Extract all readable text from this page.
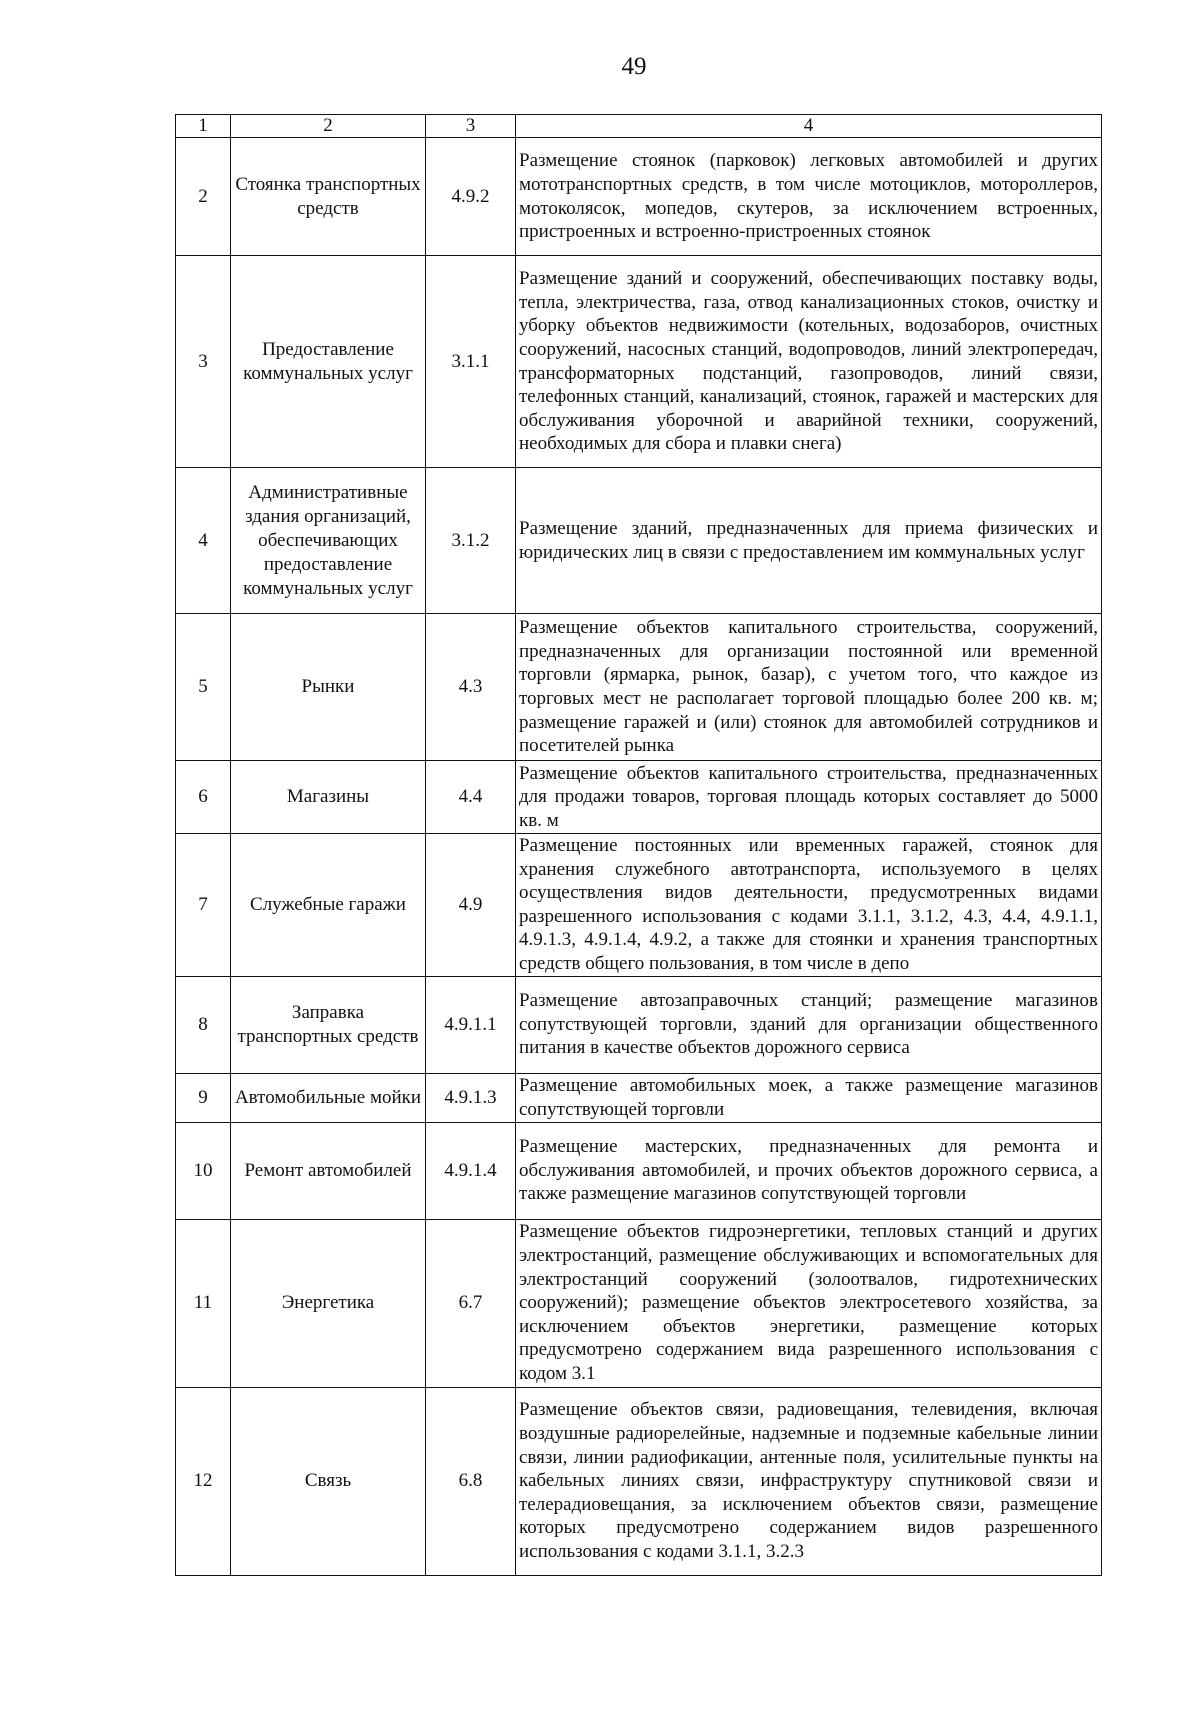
49
1	2	3	4
2	Стоянка транспортных средств	4.9.2	Размещение стоянок (парковок) легковых автомобилей и других мототранспортных средств, в том числе мотоциклов, мотороллеров, мотоколясок, мопедов, скутеров, за исключением встроенных, пристроенных и встроенно-пристроенных стоянок
3	Предоставление коммунальных услуг	3.1.1	Размещение зданий и сооружений, обеспечивающих поставку воды, тепла, электричества, газа, отвод канализационных стоков, очистку и уборку объектов недвижимости (котельных, водозаборов, очистных сооружений, насосных станций, водопроводов, линий электропередач, трансформаторных подстанций, газопроводов, линий связи, телефонных станций, канализаций, стоянок, гаражей и мастерских для обслуживания уборочной и аварийной техники, сооружений, необходимых для сбора и плавки снега)
4	Административные здания организаций, обеспечивающих предоставление коммунальных услуг	3.1.2	Размещение зданий, предназначенных для приема физических и юридических лиц в связи с предоставлением им коммунальных услуг
5	Рынки	4.3	Размещение объектов капитального строительства, сооружений, предназначенных для организации постоянной или временной торговли (ярмарка, рынок, базар), с учетом того, что каждое из торговых мест не располагает торговой площадью более 200 кв. м; размещение гаражей и (или) стоянок для автомобилей сотрудников и посетителей рынка
6	Магазины	4.4	Размещение объектов капитального строительства, предназначенных для продажи товаров, торговая площадь которых составляет до 5000 кв. м
7	Служебные гаражи	4.9	Размещение постоянных или временных гаражей, стоянок для хранения служебного автотранспорта, используемого в целях осуществления видов деятельности, предусмотренных видами разрешенного использования с кодами 3.1.1, 3.1.2, 4.3, 4.4, 4.9.1.1, 4.9.1.3, 4.9.1.4, 4.9.2, а также для стоянки и хранения транспортных средств общего пользования, в том числе в депо
8	Заправка транспортных средств	4.9.1.1	Размещение автозаправочных станций; размещение магазинов сопутствующей торговли, зданий для организации общественного питания в качестве объектов дорожного сервиса
9	Автомобильные мойки	4.9.1.3	Размещение автомобильных моек, а также размещение магазинов сопутствующей торговли
10	Ремонт автомобилей	4.9.1.4	Размещение мастерских, предназначенных для ремонта и обслуживания автомобилей, и прочих объектов дорожного сервиса, а также размещение магазинов сопутствующей торговли
11	Энергетика	6.7	Размещение объектов гидроэнергетики, тепловых станций и других электростанций, размещение обслуживающих и вспомогательных для электростанций сооружений (золоотвалов, гидротехнических сооружений); размещение объектов электросетевого хозяйства, за исключением объектов энергетики, размещение которых предусмотрено содержанием вида разрешенного использования с кодом 3.1
12	Связь	6.8	Размещение объектов связи, радиовещания, телевидения, включая воздушные радиорелейные, надземные и подземные кабельные линии связи, линии радиофикации, антенные поля, усилительные пункты на кабельных линиях связи, инфраструктуру спутниковой связи и телерадиовещания, за исключением объектов связи, размещение которых предусмотрено содержанием видов разрешенного использования с кодами 3.1.1, 3.2.3
